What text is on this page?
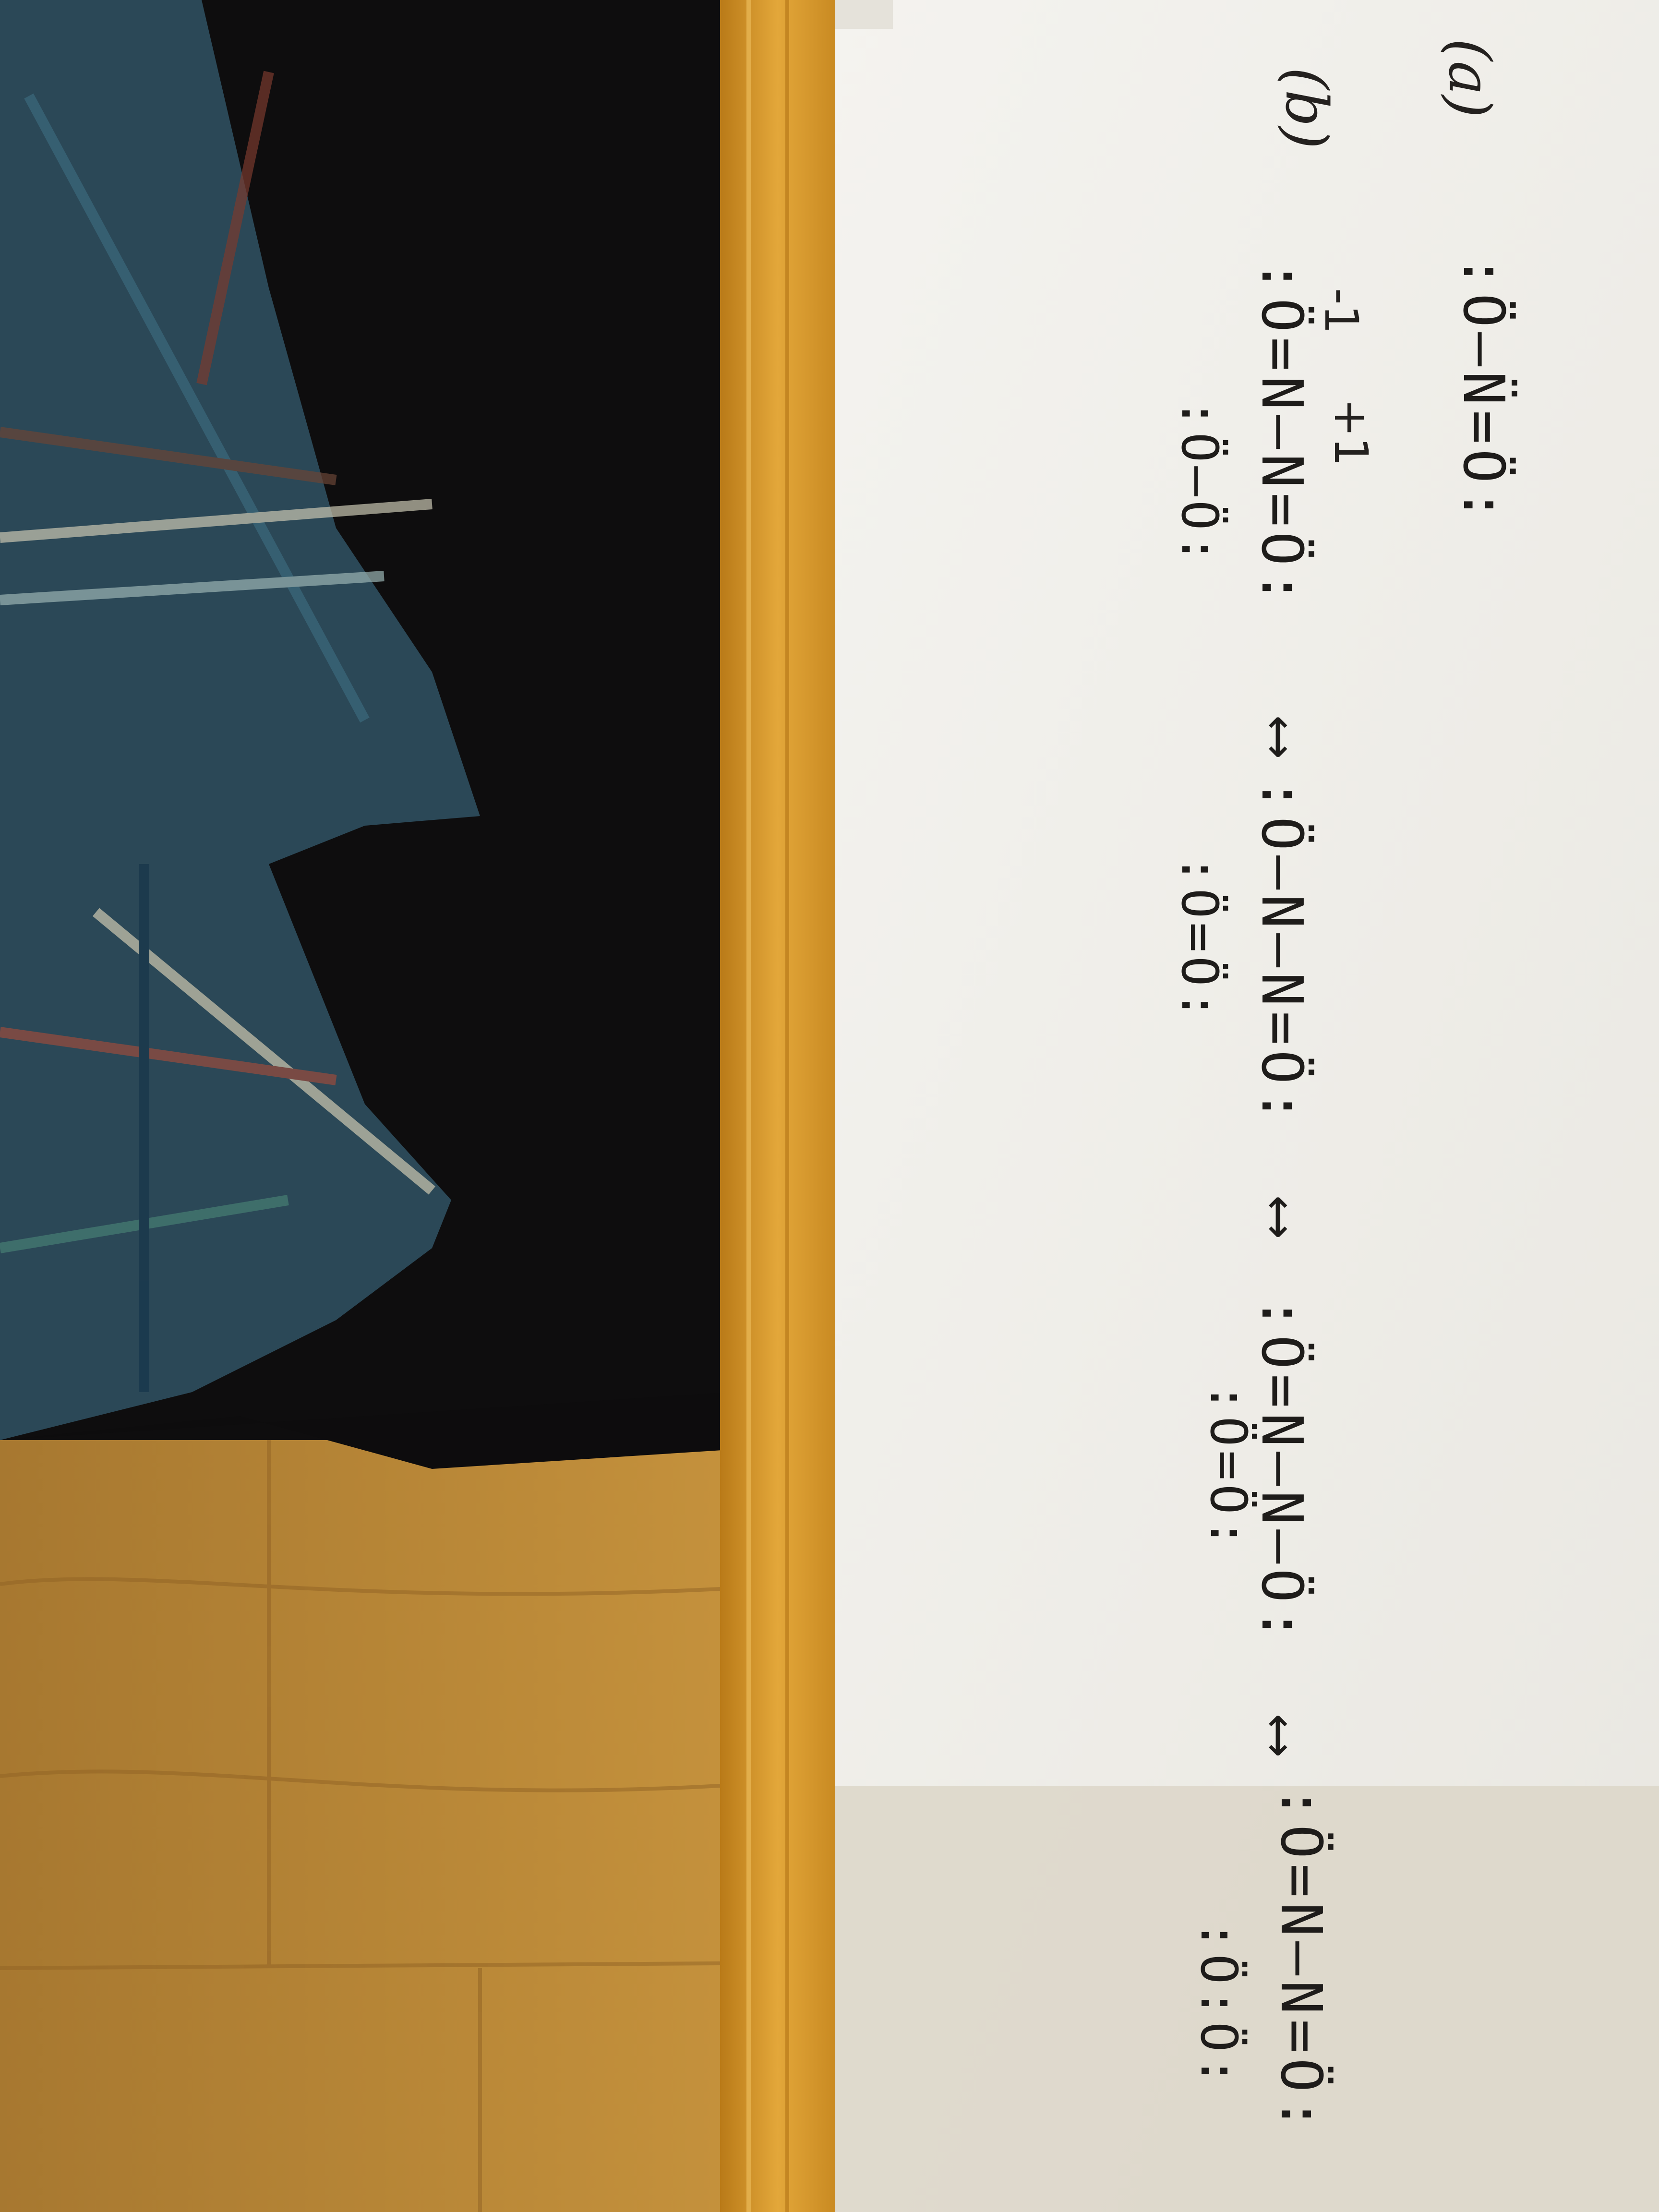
(a)
-1
+1 :Ö–N̈=Ö:
(b)
:Ö=N–N=Ö:
:Ö–Ö:
⟷
:Ö–N–N=Ö:
:Ö=Ö:
⟷
:Ö=N–N–Ö:
:Ö=Ö:
⟷
:Ö=N–N=Ö:
:Ö:Ö:
